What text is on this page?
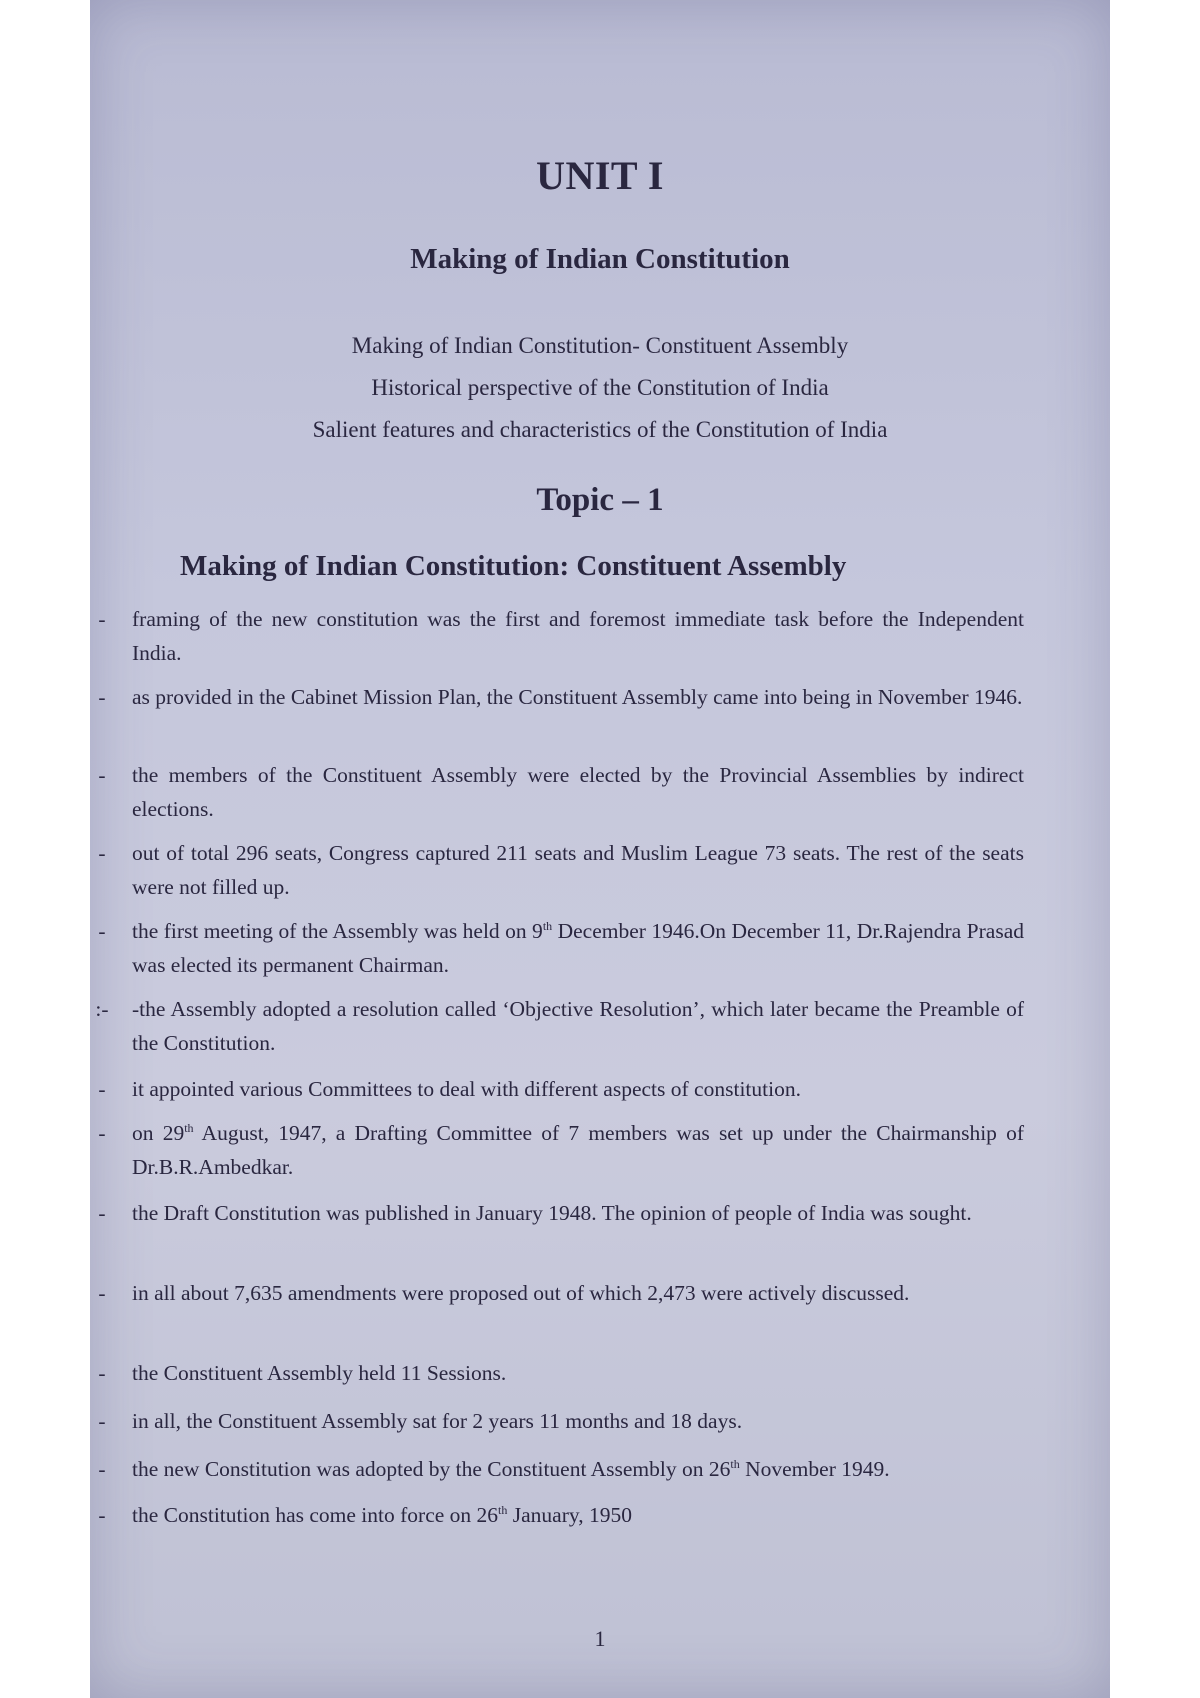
UNIT I
Making of Indian Constitution
Making of Indian Constitution- Constituent Assembly
Historical perspective of the Constitution of India
Salient features and characteristics of the Constitution of India
Topic – 1
Making of Indian Constitution: Constituent Assembly
- framing of the new constitution was the first and foremost immediate task before the Independent India.
- as provided in the Cabinet Mission Plan, the Constituent Assembly came into being in November 1946.
- the members of the Constituent Assembly were elected by the Provincial Assemblies by indirect elections.
- out of total 296 seats, Congress captured 211 seats and Muslim League 73 seats. The rest of the seats were not filled up.
- the first meeting of the Assembly was held on 9th December 1946.On December 11, Dr.Rajendra Prasad was elected its permanent Chairman.
:- -the Assembly adopted a resolution called ‘Objective Resolution’, which later became the Preamble of the Constitution.
- it appointed various Committees to deal with different aspects of constitution.
- on 29th August, 1947, a Drafting Committee of 7 members was set up under the Chairmanship of Dr.B.R.Ambedkar.
- the Draft Constitution was published in January 1948. The opinion of people of India was sought.
- in all about 7,635 amendments were proposed out of which 2,473 were actively discussed.
- the Constituent Assembly held 11 Sessions.
- in all, the Constituent Assembly sat for 2 years 11 months and 18 days.
- the new Constitution was adopted by the Constituent Assembly on 26th November 1949.
- the Constitution has come into force on 26th January, 1950
1
